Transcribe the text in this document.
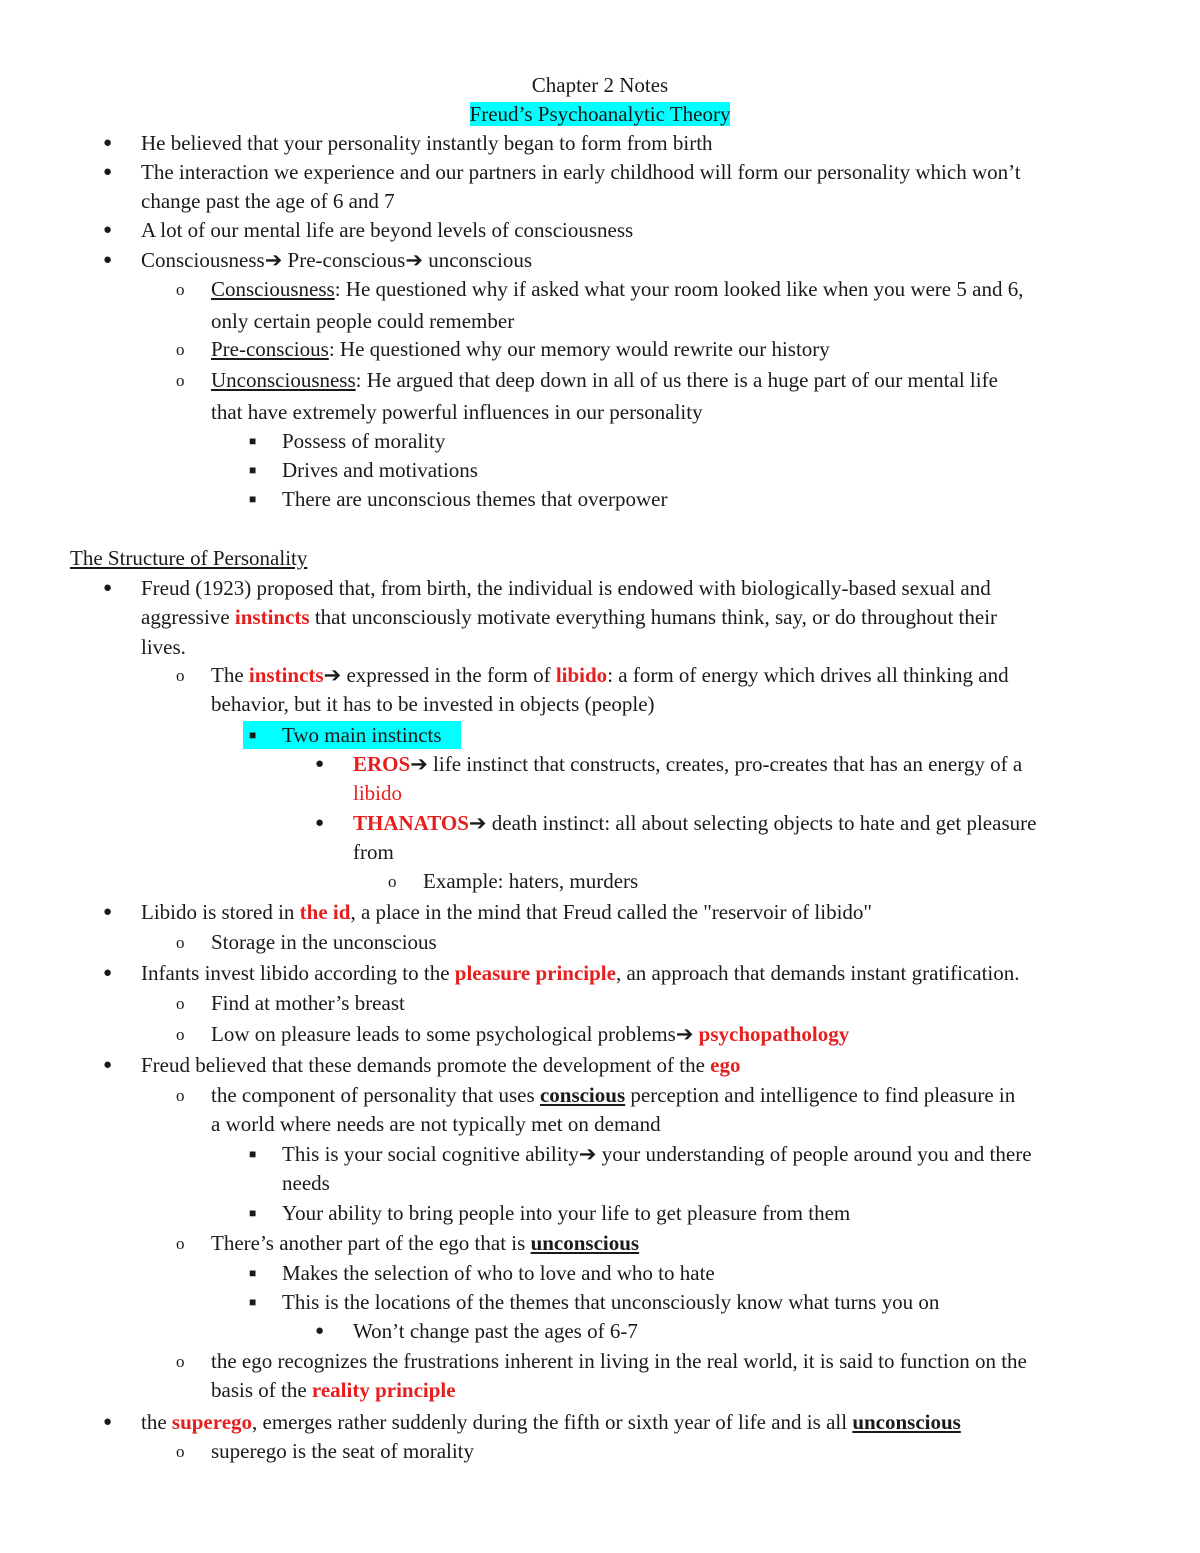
Chapter 2 Notes
Freud’s Psychoanalytic Theory
● He believed that your personality instantly began to form from birth
● The interaction we experience and our partners in early childhood will form our personality which won’t
change past the age of 6 and 7
● A lot of our mental life are beyond levels of consciousness
● Consciousness➔ Pre-conscious➔ unconscious
o Consciousness: He questioned why if asked what your room looked like when you were 5 and 6,
only certain people could remember
o Pre-conscious: He questioned why our memory would rewrite our history
o Unconsciousness: He argued that deep down in all of us there is a huge part of our mental life
that have extremely powerful influences in our personality
■ Possess of morality
■ Drives and motivations
■ There are unconscious themes that overpower
The Structure of Personality
● Freud (1923) proposed that, from birth, the individual is endowed with biologically-based sexual and
aggressive instincts that unconsciously motivate everything humans think, say, or do throughout their
lives.
o The instincts➔ expressed in the form of libido: a form of energy which drives all thinking and
behavior, but it has to be invested in objects (people)
■ Two main instincts
● EROS➔ life instinct that constructs, creates, pro-creates that has an energy of a
libido
● THANATOS➔ death instinct: all about selecting objects to hate and get pleasure
from
o Example: haters, murders
● Libido is stored in the id, a place in the mind that Freud called the "reservoir of libido"
o Storage in the unconscious
● Infants invest libido according to the pleasure principle, an approach that demands instant gratification.
o Find at mother’s breast
o Low on pleasure leads to some psychological problems➔ psychopathology
● Freud believed that these demands promote the development of the ego
o the component of personality that uses conscious perception and intelligence to find pleasure in
a world where needs are not typically met on demand
■ This is your social cognitive ability➔ your understanding of people around you and there
needs
■ Your ability to bring people into your life to get pleasure from them
o There’s another part of the ego that is unconscious
■ Makes the selection of who to love and who to hate
■ This is the locations of the themes that unconsciously know what turns you on
● Won’t change past the ages of 6-7
o the ego recognizes the frustrations inherent in living in the real world, it is said to function on the
basis of the reality principle
● the superego, emerges rather suddenly during the fifth or sixth year of life and is all unconscious
o superego is the seat of morality
